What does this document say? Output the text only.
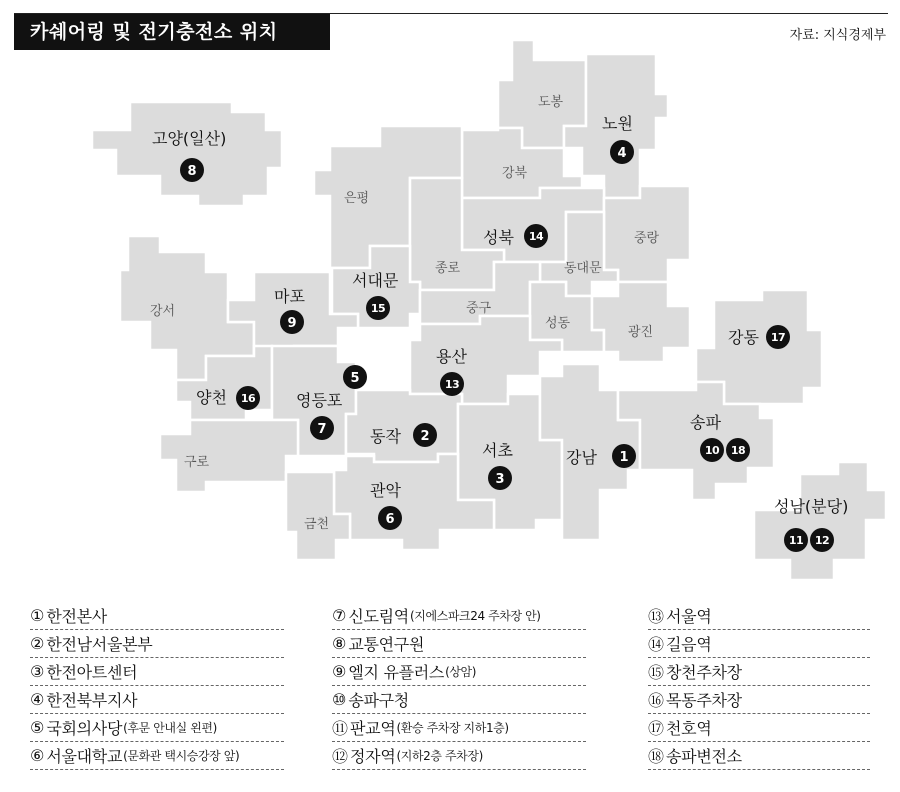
카쉐어링 및 전기충전소 위치	자료: 지식경제부
도봉
강북
은평
중랑
종로	동대문
강서	중구
성동
광진
구로
금천
고양(일산)
노원
성북
서대문
마포
강동
용산
양천	영등포
동작
서초	강남
송파
관악
성남(분당)
8
4
14
15
9
17
13
5
16
7	2
3
1	10 18
6
11 12
① 한전본사
② 한전남서울본부
③ 한전아트센터
④ 한전북부지사
⑤ 국회의사당 (후문 안내실 왼편)
⑥ 서울대학교 (문화관 택시승강장 앞)
⑦ 신도림역 (지에스파크24 주차장 안)
⑧ 교통연구원
⑨ 엘지 유플러스 (상암)
⑩ 송파구청
⑪ 판교역 (환승 주차장 지하1층)
⑫ 정자역 (지하2층 주차장)
⑬ 서울역
⑭ 길음역
⑮ 창천주차장
⑯ 목동주차장
⑰ 천호역
⑱ 송파변전소
